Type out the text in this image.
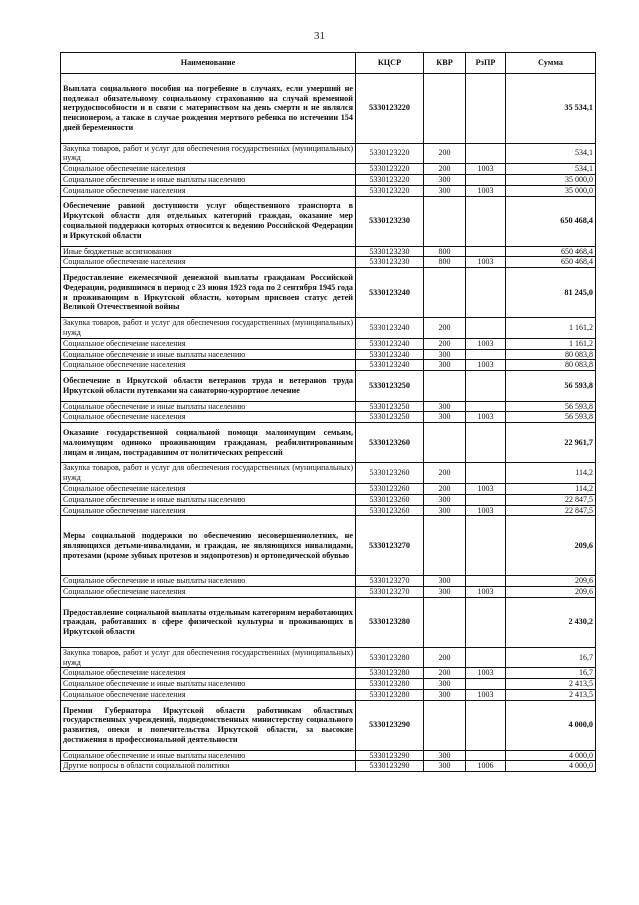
31
Наименование	КЦСР	КВР	РзПР	Сумма
Выплата социального пособия на погребение в случаях, если умерший не подлежал обязательному социальному страхованию на случай временной нетрудоспособности и в связи с материнством на день смерти и не являлся пенсионером, а также в случае рождения мертвого ребенка по истечении 154 дней беременности	5330123220			35 534,1
Закупка товаров, работ и услуг для обеспечения государственных (муниципальных) нужд	5330123220	200		534,1
Социальное обеспечение населения	5330123220	200	1003	534,1
Социальное обеспечение и иные выплаты населению	5330123220	300		35 000,0
Социальное обеспечение населения	5330123220	300	1003	35 000,0
Обеспечение равной доступности услуг общественного транспорта в Иркутской области для отдельных категорий граждан, оказание мер социальной поддержки которых относится к ведению Российской Федерации и Иркутской области	5330123230			650 468,4
Иные бюджетные ассигнования	5330123230	800		650 468,4
Социальное обеспечение населения	5330123230	800	1003	650 468,4
Предоставление ежемесячной денежной выплаты гражданам Российской Федерации, родившимся в период с 23 июня 1923 года по 2 сентября 1945 года и проживающим в Иркутской области, которым присвоен статус детей Великой Отечественной войны	5330123240			81 245,0
Закупка товаров, работ и услуг для обеспечения государственных (муниципальных) нужд	5330123240	200		1 161,2
Социальное обеспечение населения	5330123240	200	1003	1 161,2
Социальное обеспечение и иные выплаты населению	5330123240	300		80 083,8
Социальное обеспечение населения	5330123240	300	1003	80 083,8
Обеспечение в Иркутской области ветеранов труда и ветеранов труда Иркутской области путевками на санаторно-курортное лечение	5330123250			56 593,8
Социальное обеспечение и иные выплаты населению	5330123250	300		56 593,8
Социальное обеспечение населения	5330123250	300	1003	56 593,8
Оказание государственной социальной помощи малоимущим семьям, малоимущим одиноко проживающим гражданам, реабилитированным лицам и лицам, пострадавшим от политических репрессий	5330123260			22 961,7
Закупка товаров, работ и услуг для обеспечения государственных (муниципальных) нужд	5330123260	200		114,2
Социальное обеспечение населения	5330123260	200	1003	114,2
Социальное обеспечение и иные выплаты населению	5330123260	300		22 847,5
Социальное обеспечение населения	5330123260	300	1003	22 847,5
Меры социальной поддержки по обеспечению несовершеннолетних, не являющихся детьми-инвалидами, и граждан, не являющихся инвалидами, протезами (кроме зубных протезов и эндопротезов) и ортопедической обувью	5330123270			209,6
Социальное обеспечение и иные выплаты населению	5330123270	300		209,6
Социальное обеспечение населения	5330123270	300	1003	209,6
Предоставление социальной выплаты отдельным категориям неработающих граждан, работавших в сфере физической культуры и проживающих в Иркутской области	5330123280			2 430,2
Закупка товаров, работ и услуг для обеспечения государственных (муниципальных) нужд	5330123280	200		16,7
Социальное обеспечение населения	5330123280	200	1003	16,7
Социальное обеспечение и иные выплаты населению	5330123280	300		2 413,5
Социальное обеспечение населения	5330123280	300	1003	2 413,5
Премии Губернатора Иркутской области работникам областных государственных учреждений, подведомственных министерству социального развития, опеки и попечительства Иркутской области, за высокие достижения в профессиональной деятельности	5330123290			4 000,0
Социальное обеспечение и иные выплаты населению	5330123290	300		4 000,0
Другие вопросы в области социальной политики	5330123290	300	1006	4 000,0
